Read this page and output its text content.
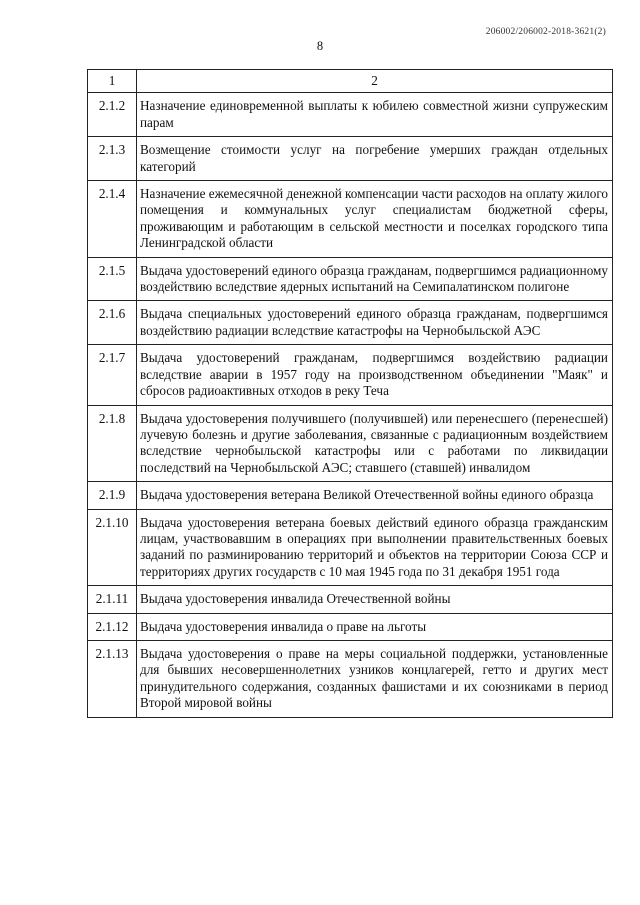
206002/206002-2018-3621(2)
8
1	2
2.1.2	Назначение единовременной выплаты к юбилею совместной жизни супружеским парам
2.1.3	Возмещение стоимости услуг на погребение умерших граждан отдельных категорий
2.1.4	Назначение ежемесячной денежной компенсации части расходов на оплату жилого помещения и коммунальных услуг специалистам бюджетной сферы, проживающим и работающим в сельской местности и поселках городского типа Ленинградской области
2.1.5	Выдача удостоверений единого образца гражданам, подвергшимся радиационному воздействию вследствие ядерных испытаний на Семипалатинском полигоне
2.1.6	Выдача специальных удостоверений единого образца гражданам, подвергшимся воздействию радиации вследствие катастрофы на Чернобыльской АЭС
2.1.7	Выдача удостоверений гражданам, подвергшимся воздействию радиации вследствие аварии в 1957 году на производственном объединении "Маяк" и сбросов радиоактивных отходов в реку Теча
2.1.8	Выдача удостоверения получившего (получившей) или перенесшего (перенесшей) лучевую болезнь и другие заболевания, связанные с радиационным воздействием вследствие чернобыльской катастрофы или с работами по ликвидации последствий на Чернобыльской АЭС; ставшего (ставшей) инвалидом
2.1.9	Выдача удостоверения ветерана Великой Отечественной войны единого образца
2.1.10	Выдача удостоверения ветерана боевых действий единого образца гражданским лицам, участвовавшим в операциях при выполнении правительственных боевых заданий по разминированию территорий и объектов на территории Союза ССР и территориях других государств с 10 мая 1945 года по 31 декабря 1951 года
2.1.11	Выдача удостоверения инвалида Отечественной войны
2.1.12	Выдача удостоверения инвалида о праве на льготы
2.1.13	Выдача удостоверения о праве на меры социальной поддержки, установленные для бывших несовершеннолетних узников концлагерей, гетто и других мест принудительного содержания, созданных фашистами и их союзниками в период Второй мировой войны
